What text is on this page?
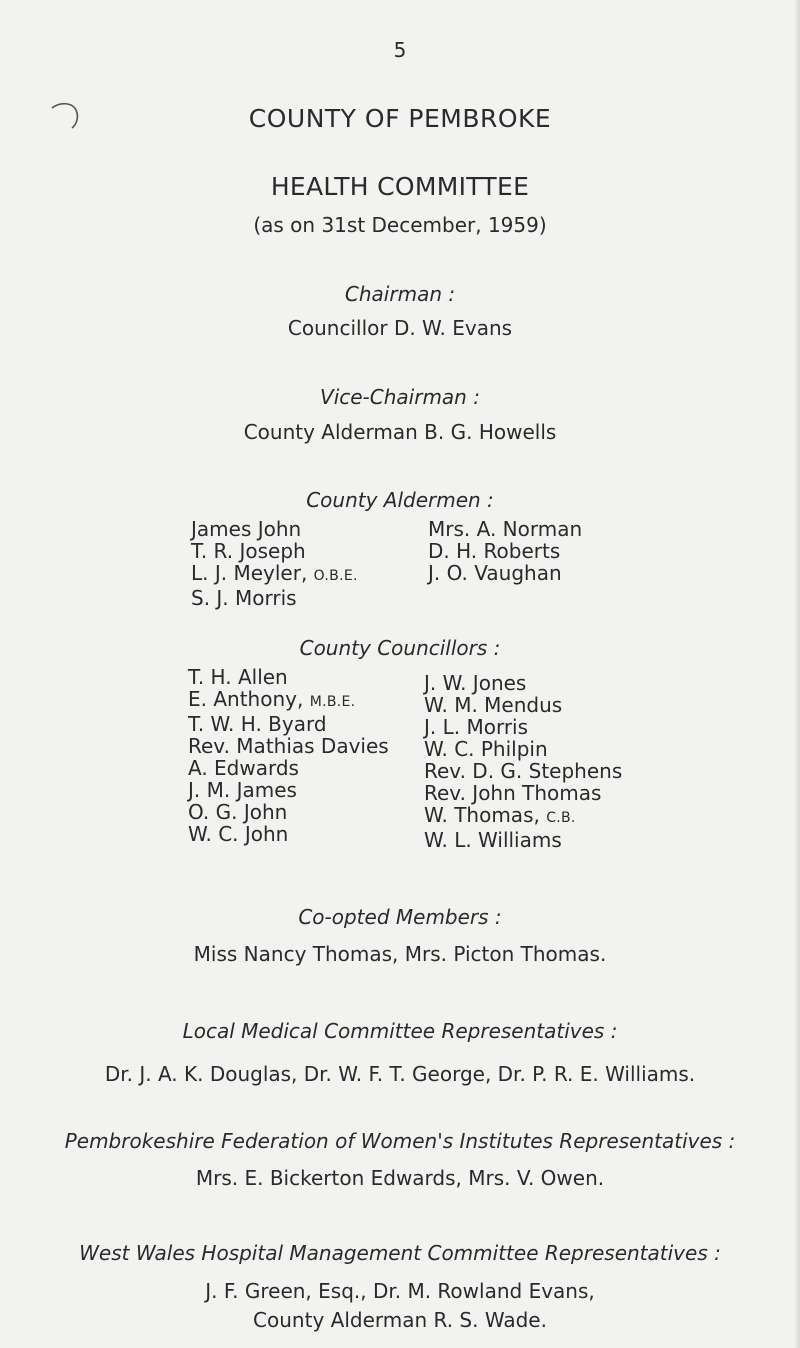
5
COUNTY OF PEMBROKE
HEALTH COMMITTEE
(as on 31st December, 1959)
Chairman :
Councillor D. W. Evans
Vice-Chairman :
County Alderman B. G. Howells
County Aldermen :
James John
T. R. Joseph
L. J. Meyler, O.B.E.
S. J. Morris
Mrs. A. Norman
D. H. Roberts
J. O. Vaughan
County Councillors :
T. H. Allen
E. Anthony, M.B.E.
T. W. H. Byard
Rev. Mathias Davies
A. Edwards
J. M. James
O. G. John
W. C. John
J. W. Jones
W. M. Mendus
J. L. Morris
W. C. Philpin
Rev. D. G. Stephens
Rev. John Thomas
W. Thomas, C.B.
W. L. Williams
Co-opted Members :
Miss Nancy Thomas, Mrs. Picton Thomas.
Local Medical Committee Representatives :
Dr. J. A. K. Douglas, Dr. W. F. T. George, Dr. P. R. E. Williams.
Pembrokeshire Federation of Women's Institutes Representatives :
Mrs. E. Bickerton Edwards, Mrs. V. Owen.
West Wales Hospital Management Committee Representatives :
J. F. Green, Esq., Dr. M. Rowland Evans,
County Alderman R. S. Wade.
